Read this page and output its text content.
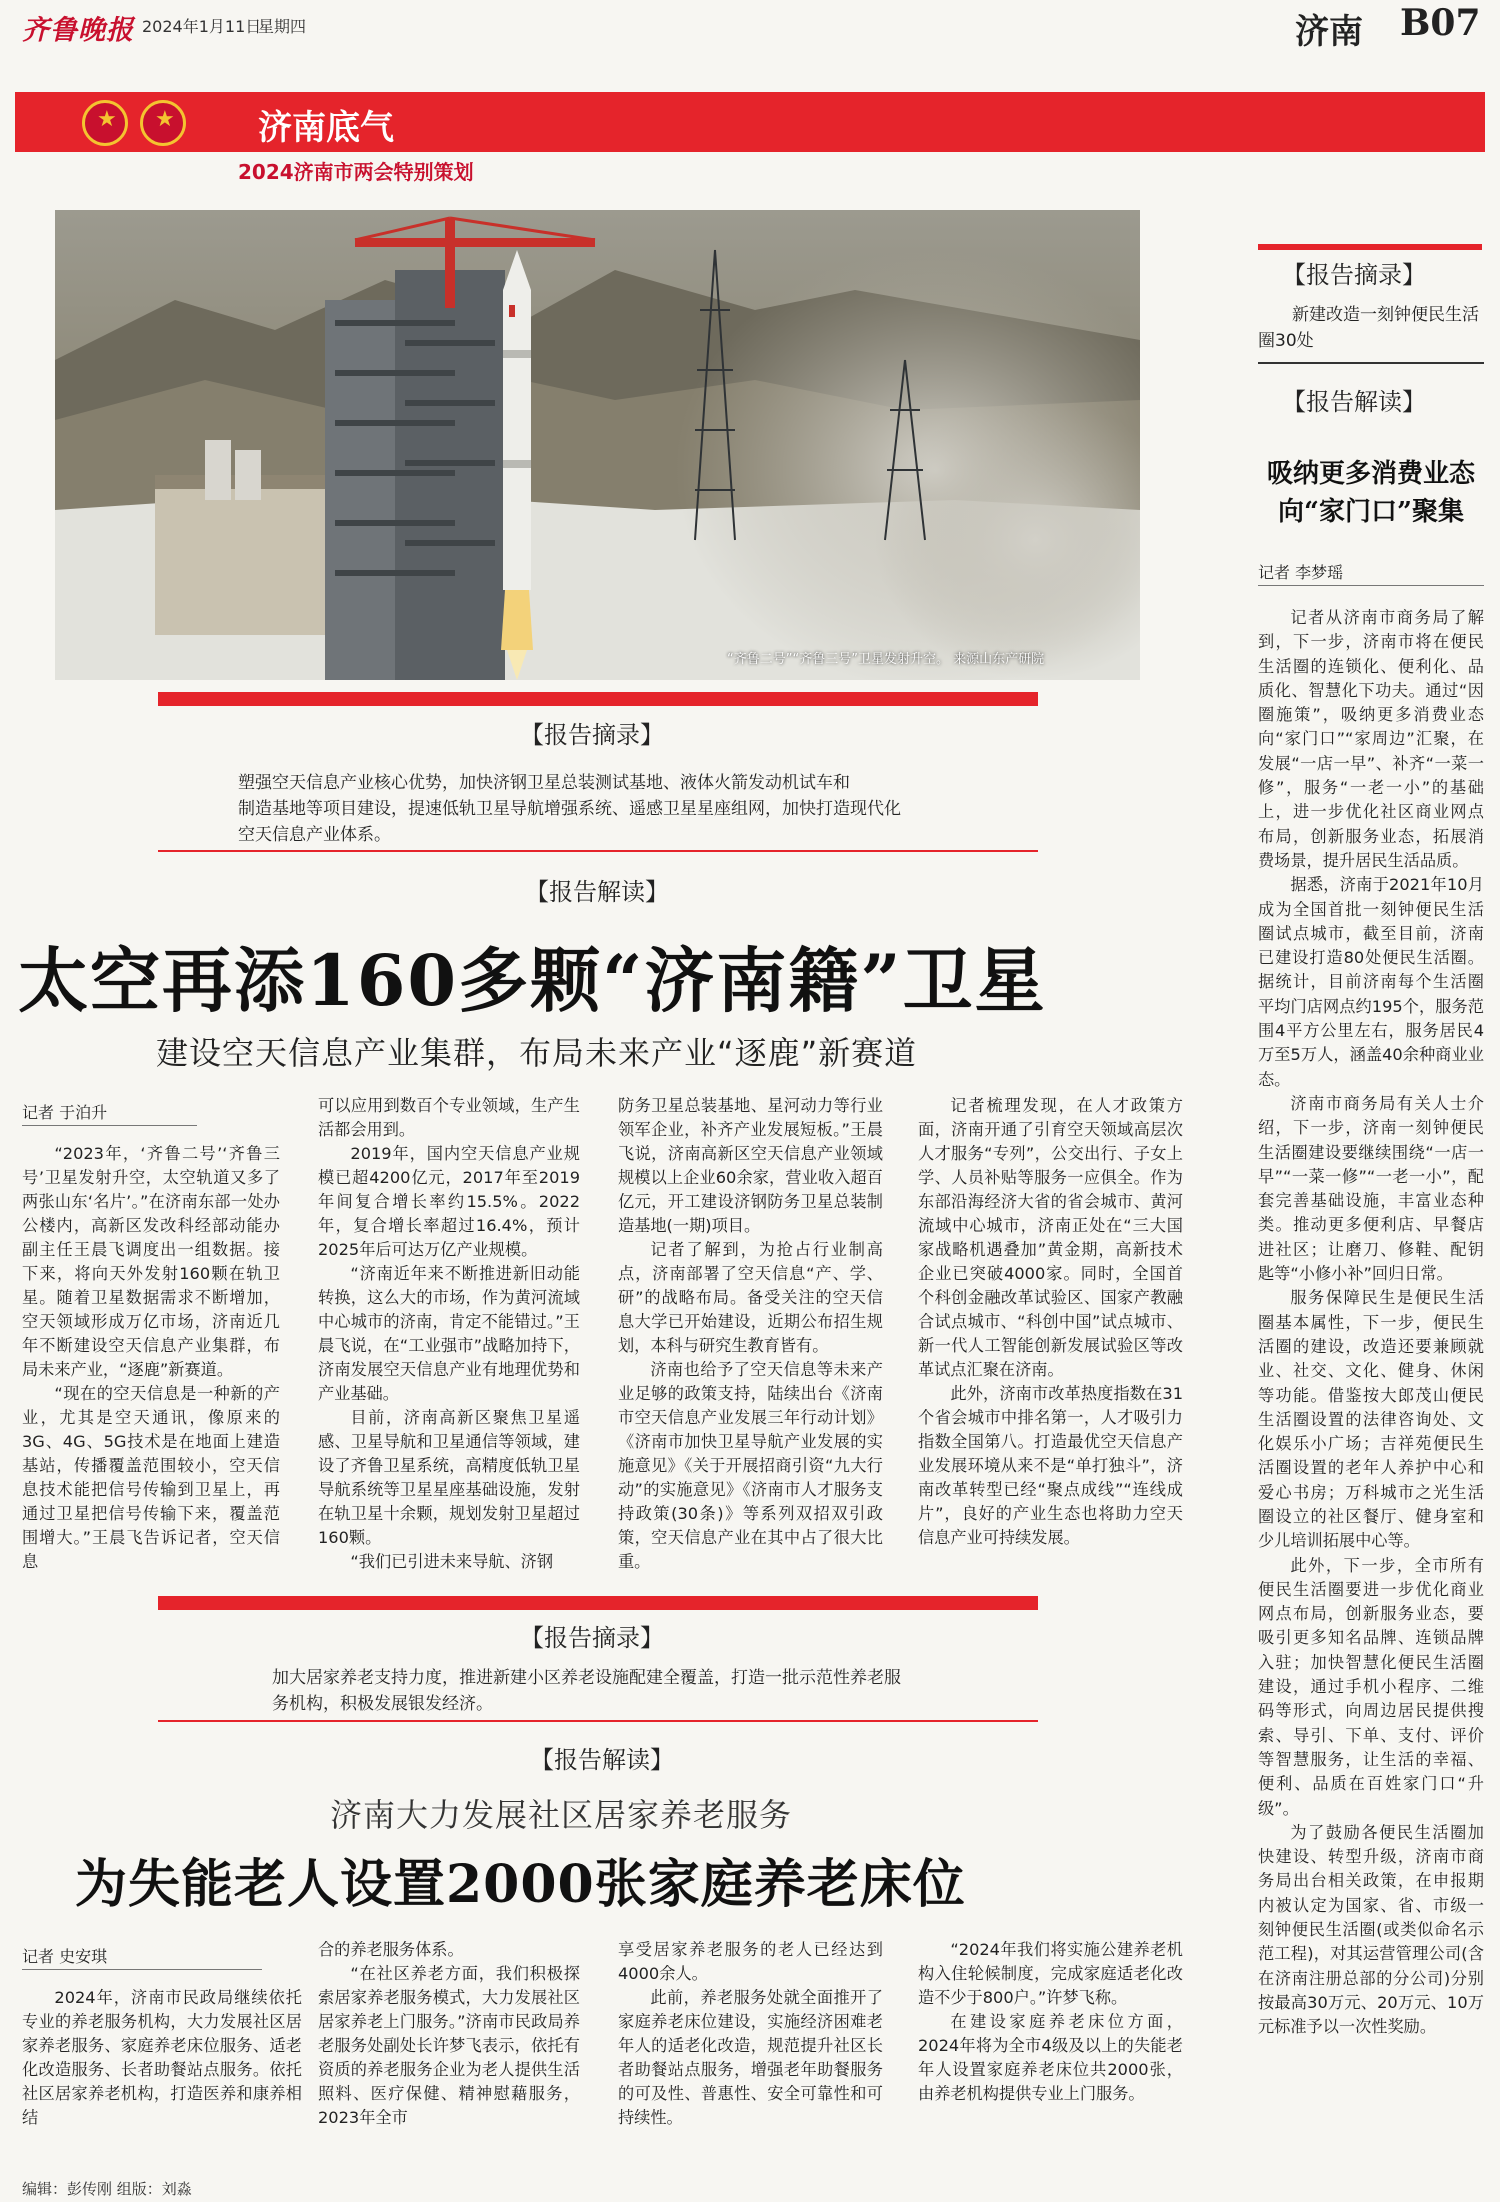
齐鲁晚报 2024年1月11日
星期四	济南 B07
★ ★ 济南底气
2024济南市两会特别策划
“齐鲁二号”“齐鲁三号”卫星发射升空。 来源山东产研院
【报告摘录】
塑强空天信息产业核心优势，加快济钢卫星总装测试基地、液体火箭发动机试车和
制造基地等项目建设，提速低轨卫星导航增强系统、遥感卫星星座组网，加快打造现代化
空天信息产业体系。
【报告解读】
太空再添160多颗“济南籍”卫星
建设空天信息产业集群，布局未来产业“逐鹿”新赛道
记者 于泊升

“2023年，‘齐鲁二号’‘齐鲁三号’卫星发射升空，太空轨道又多了两张山东‘名片’。”在济南东部一处办公楼内，高新区发改科经部动能办副主任王晨飞调度出一组数据。接下来，将向天外发射160颗在轨卫星。随着卫星数据需求不断增加，空天领域形成万亿市场，济南近几年不断建设空天信息产业集群，布局未来产业，“逐鹿”新赛道。

“现在的空天信息是一种新的产业，尤其是空天通讯，像原来的3G、4G、5G技术是在地面上建造基站，传播覆盖范围较小，空天信息技术能把信号传输到卫星上，再通过卫星把信号传输下来，覆盖范围增大。”王晨飞告诉记者，空天信息

可以应用到数百个专业领域，生产生活都会用到。

2019年，国内空天信息产业规模已超4200亿元，2017年至2019年间复合增长率约15.5%。2022年，复合增长率超过16.4%，预计2025年后可达万亿产业规模。

“济南近年来不断推进新旧动能转换，这么大的市场，作为黄河流域中心城市的济南，肯定不能错过。”王晨飞说，在“工业强市”战略加持下，济南发展空天信息产业有地理优势和产业基础。

目前，济南高新区聚焦卫星遥感、卫星导航和卫星通信等领域，建设了齐鲁卫星系统，高精度低轨卫星导航系统等卫星星座基础设施，发射在轨卫星十余颗，规划发射卫星超过160颗。

“我们已引进未来导航、济钢

防务卫星总装基地、星河动力等行业领军企业，补齐产业发展短板。”王晨飞说，济南高新区空天信息产业领域规模以上企业60余家，营业收入超百亿元，开工建设济钢防务卫星总装制造基地(一期)项目。

记者了解到，为抢占行业制高点，济南部署了空天信息“产、学、研”的战略布局。备受关注的空天信息大学已开始建设，近期公布招生规划，本科与研究生教育皆有。

济南也给予了空天信息等未来产业足够的政策支持，陆续出台《济南市空天信息产业发展三年行动计划》《济南市加快卫星导航产业发展的实施意见》《关于开展招商引资“九大行动”的实施意见》《济南市人才服务支持政策(30条)》等系列双招双引政策，空天信息产业在其中占了很大比重。

记者梳理发现，在人才政策方面，济南开通了引育空天领域高层次人才服务“专列”，公交出行、子女上学、人员补贴等服务一应俱全。作为东部沿海经济大省的省会城市、黄河流域中心城市，济南正处在“三大国家战略机遇叠加”黄金期，高新技术企业已突破4000家。同时，全国首个科创金融改革试验区、国家产教融合试点城市、“科创中国”试点城市、新一代人工智能创新发展试验区等改革试点汇聚在济南。

此外，济南市改革热度指数在31个省会城市中排名第一，人才吸引力指数全国第八。打造最优空天信息产业发展环境从来不是“单打独斗”，济南改革转型已经“聚点成线”“连线成片”，良好的产业生态也将助力空天信息产业可持续发展。

【报告摘录】
加大居家养老支持力度，推进新建小区养老设施配建全覆盖，打造一批示范性养老服
务机构，积极发展银发经济。
【报告解读】
济南大力发展社区居家养老服务
为失能老人设置2000张家庭养老床位
记者 史安琪

2024年，济南市民政局继续依托专业的养老服务机构，大力发展社区居家养老服务、家庭养老床位服务、适老化改造服务、长者助餐站点服务。依托社区居家养老机构，打造医养和康养相结

合的养老服务体系。

“在社区养老方面，我们积极探索居家养老服务模式，大力发展社区居家养老上门服务。”济南市民政局养老服务处副处长许梦飞表示，依托有资质的养老服务企业为老人提供生活照料、医疗保健、精神慰藉服务，2023年全市

享受居家养老服务的老人已经达到4000余人。

此前，养老服务处就全面推开了家庭养老床位建设，实施经济困难老年人的适老化改造，规范提升社区长者助餐站点服务，增强老年助餐服务的可及性、普惠性、安全可靠性和可持续性。

“2024年我们将实施公建养老机构入住轮候制度，完成家庭适老化改造不少于800户。”许梦飞称。

在建设家庭养老床位方面，2024年将为全市4级及以上的失能老年人设置家庭养老床位共2000张，由养老机构提供专业上门服务。

编辑：彭传刚 组版：刘淼
【报告摘录】
新建改造一刻钟便民生活圈30处
【报告解读】
吸纳更多消费业态
向“家门口”聚集
记者 李梦瑶

记者从济南市商务局了解到，下一步，济南市将在便民生活圈的连锁化、便利化、品质化、智慧化下功夫。通过“因圈施策”，吸纳更多消费业态向“家门口”“家周边”汇聚，在发展“一店一早”、补齐“一菜一修”，服务“一老一小”的基础上，进一步优化社区商业网点布局，创新服务业态，拓展消费场景，提升居民生活品质。

据悉，济南于2021年10月成为全国首批一刻钟便民生活圈试点城市，截至目前，济南已建设打造80处便民生活圈。据统计，目前济南每个生活圈平均门店网点约195个，服务范围4平方公里左右，服务居民4万至5万人，涵盖40余种商业业态。

济南市商务局有关人士介绍，下一步，济南一刻钟便民生活圈建设要继续围绕“一店一早”“一菜一修”“一老一小”，配套完善基础设施，丰富业态种类。推动更多便利店、早餐店进社区；让磨刀、修鞋、配钥匙等“小修小补”回归日常。

服务保障民生是便民生活圈基本属性，下一步，便民生活圈的建设，改造还要兼顾就业、社交、文化、健身、休闲等功能。借鉴按大郎茂山便民生活圈设置的法律咨询处、文化娱乐小广场；吉祥苑便民生活圈设置的老年人养护中心和爱心书房；万科城市之光生活圈设立的社区餐厅、健身室和少儿培训拓展中心等。

此外，下一步，全市所有便民生活圈要进一步优化商业网点布局，创新服务业态，要吸引更多知名品牌、连锁品牌入驻；加快智慧化便民生活圈建设，通过手机小程序、二维码等形式，向周边居民提供搜索、导引、下单、支付、评价等智慧服务，让生活的幸福、便利、品质在百姓家门口“升级”。

为了鼓励各便民生活圈加快建设、转型升级，济南市商务局出台相关政策，在申报期内被认定为国家、省、市级一刻钟便民生活圈(或类似命名示范工程)，对其运营管理公司(含在济南注册总部的分公司)分别按最高30万元、20万元、10万元标准予以一次性奖励。
